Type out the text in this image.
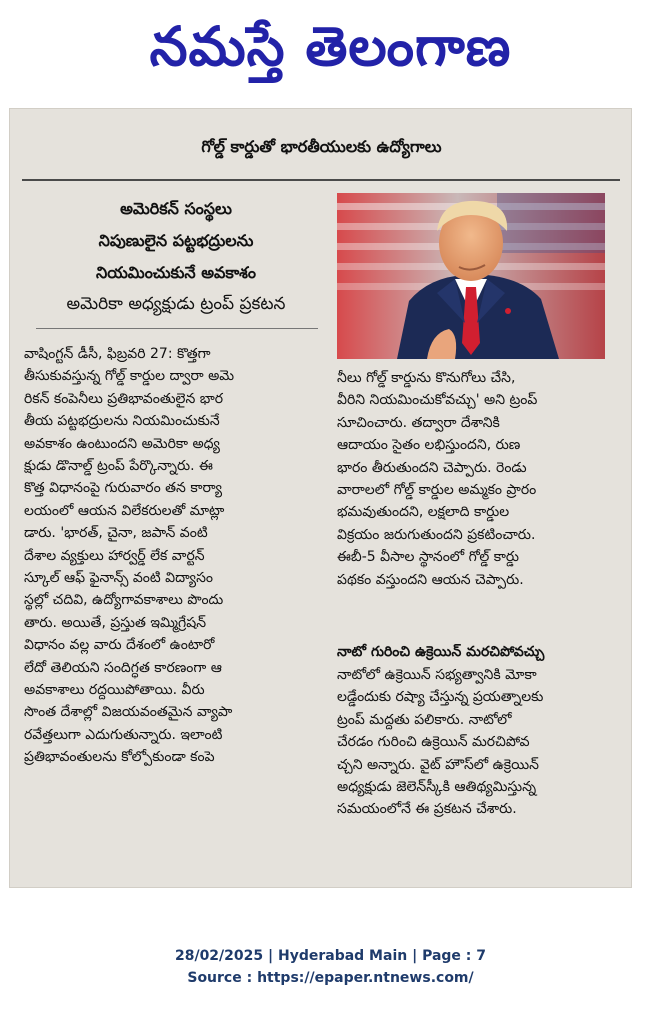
నమస్తే తెలంగాణ
గోల్డ్ కార్డుతో భారతీయులకు ఉద్యోగాలు
అమెరికన్ సంస్థలు
నిపుణులైన పట్టభద్రులను
నియమించుకునే అవకాశం
అమెరికా అధ్యక్షుడు ట్రంప్ ప్రకటన
వాషింగ్టన్ డీసీ, ఫిబ్రవరి 27: కొత్తగా
తీసుకువస్తున్న గోల్డ్ కార్డుల ద్వారా అమె
రికన్ కంపెనీలు ప్రతిభావంతులైన భార
తీయ పట్టభద్రులను నియమించుకునే
అవకాశం ఉంటుందని అమెరికా అధ్య
క్షుడు డొనాల్డ్ ట్రంప్ పేర్కొన్నారు. ఈ
కొత్త విధానంపై గురువారం తన కార్యా
లయంలో ఆయన విలేకరులతో మాట్లా
డారు. 'భారత్, చైనా, జపాన్ వంటి
దేశాల వ్యక్తులు హార్వర్డ్ లేక వార్టన్
స్కూల్ ఆఫ్ ఫైనాన్స్ వంటి విద్యాసం
స్థల్లో చదివి, ఉద్యోగావకాశాలు పొందు
తారు. అయితే, ప్రస్తుత ఇమ్మిగ్రేషన్
విధానం వల్ల వారు దేశంలో ఉంటారో
లేదో తెలియని సందిగ్ధత కారణంగా ఆ
అవకాశాలు రద్దయిపోతాయి. వీరు
సొంత దేశాల్లో విజయవంతమైన వ్యాపా
రవేత్తలుగా ఎదుగుతున్నారు. ఇలాంటి
ప్రతిభావంతులను కోల్పోకుండా కంపె
నీలు గోల్డ్ కార్డును కొనుగోలు చేసి,
వీరిని నియమించుకోవచ్చు' అని ట్రంప్
సూచించారు. తద్వారా దేశానికి
ఆదాయం సైతం లభిస్తుందని, రుణ
భారం తీరుతుందని చెప్పారు. రెండు
వారాలలో గోల్డ్ కార్డుల అమ్మకం ప్రారం
భమవుతుందని, లక్షలాది కార్డుల
విక్రయం జరుగుతుందని ప్రకటించారు.
ఈబీ-5 వీసాల స్థానంలో గోల్డ్ కార్డు
పథకం వస్తుందని ఆయన చెప్పారు.
నాటో గురించి ఉక్రెయిన్ మరచిపోవచ్చు
నాటోలో ఉక్రెయిన్ సభ్యత్వానికి మోకా
లడ్డేందుకు రష్యా చేస్తున్న ప్రయత్నాలకు
ట్రంప్ మద్దతు పలికారు. నాటోలో
చేరడం గురించి ఉక్రెయిన్ మరచిపోవ
చ్చని అన్నారు. వైట్ హౌస్‌లో ఉక్రెయిన్
అధ్యక్షుడు జెలెన్‌స్కీకి ఆతిథ్యమిస్తున్న
సమయంలోనే ఈ ప్రకటన చేశారు.
28/02/2025 | Hyderabad Main | Page : 7
Source : https://epaper.ntnews.com/
